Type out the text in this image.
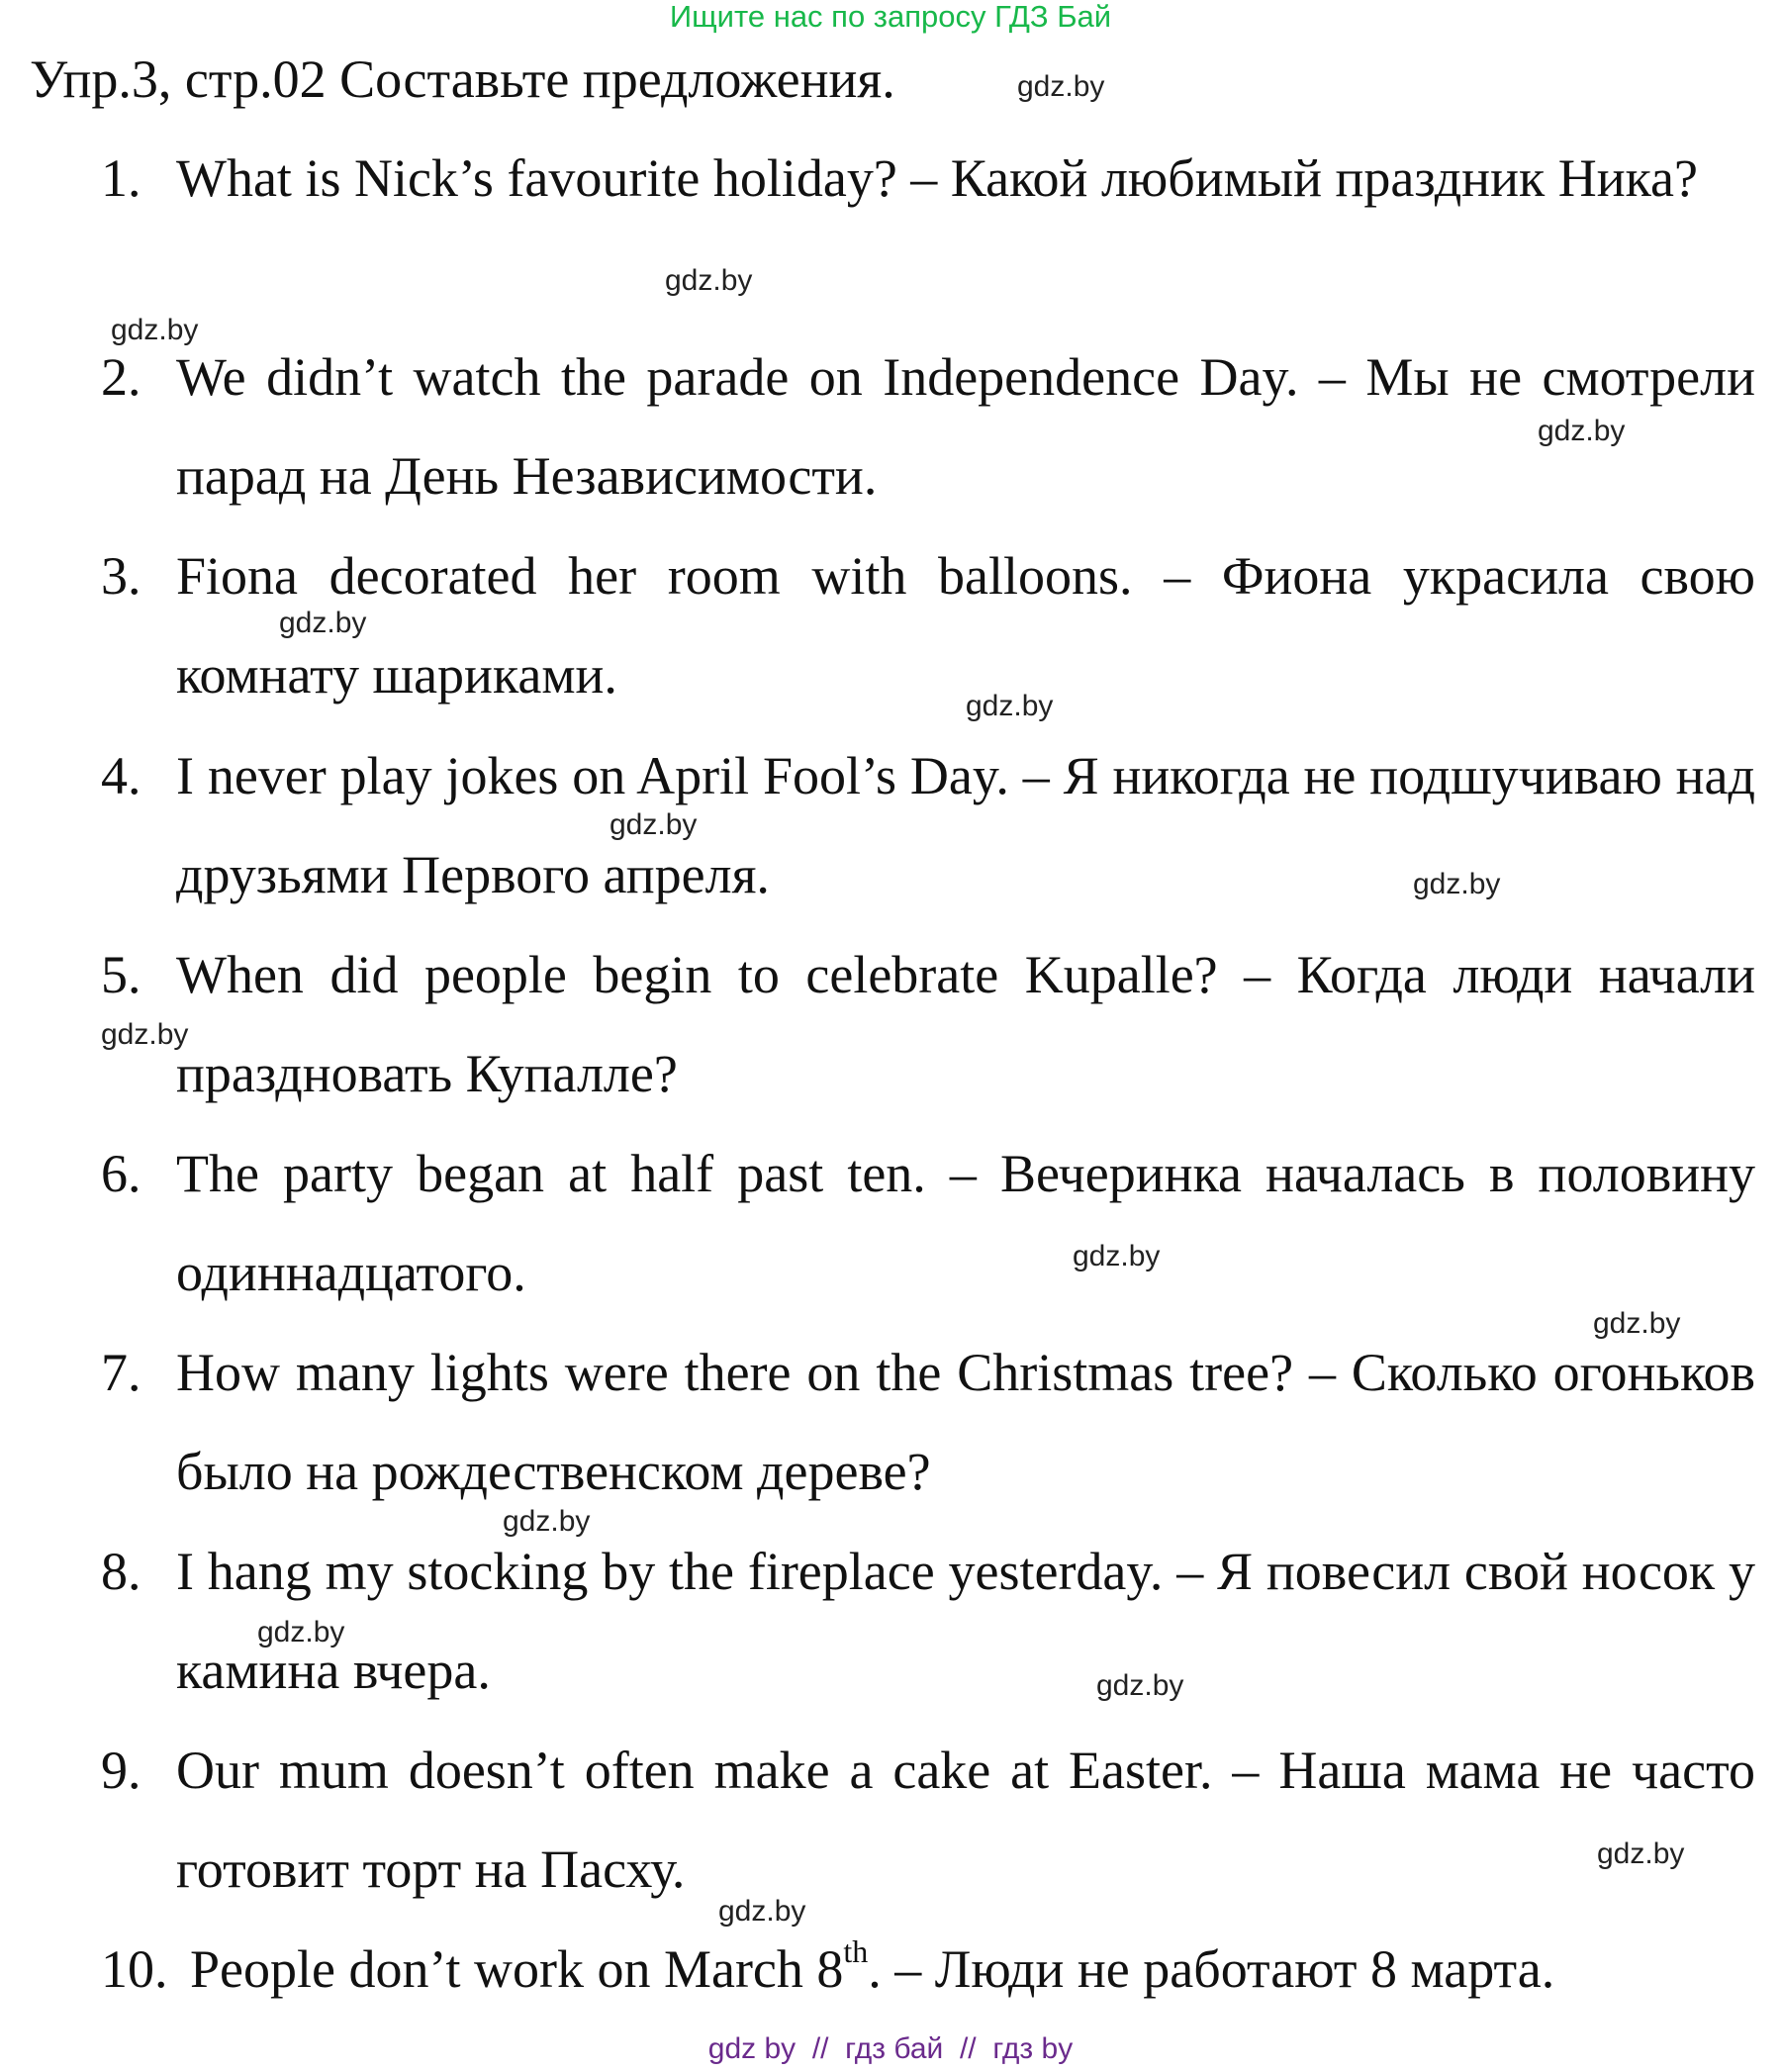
Ищите нас по запросу ГДЗ Бай
Упр.3, стр.02 Составьте предложения.	gdz.by
1. What is Nick’s favourite holiday? – Какой любимый праздник Ника?
2. We didn’t watch the parade on Independence Day. – Мы не смотрели парад на День Независимости.
3. Fiona decorated her room with balloons. – Фиона украсила свою комнату шариками.
4. I never play jokes on April Fool’s Day. – Я никогда не подшучиваю над друзьями Первого апреля.
5. When did people begin to celebrate Kupalle? – Когда люди начали праздновать Купалле?
6. The party began at half past ten. – Вечеринка началась в половину одиннадцатого.
7. How many lights were there on the Christmas tree? – Сколько огоньков было на рождественском дереве?
8. I hang my stocking by the fireplace yesterday. – Я повесил свой носок у камина вчера.
9. Our mum doesn’t often make a cake at Easter. – Наша мама не часто готовит торт на Пасху.
10. People don’t work on March 8th. – Люди не работают 8 марта.
gdz.by
gdz.by
gdz.by
gdz.by
gdz.by
gdz.by
gdz.by
gdz.by
gdz.by
gdz.by
gdz.by
gdz.by
gdz.by
gdz.by
gdz.by
gdz by  //  гдз бай  //  гдз by
